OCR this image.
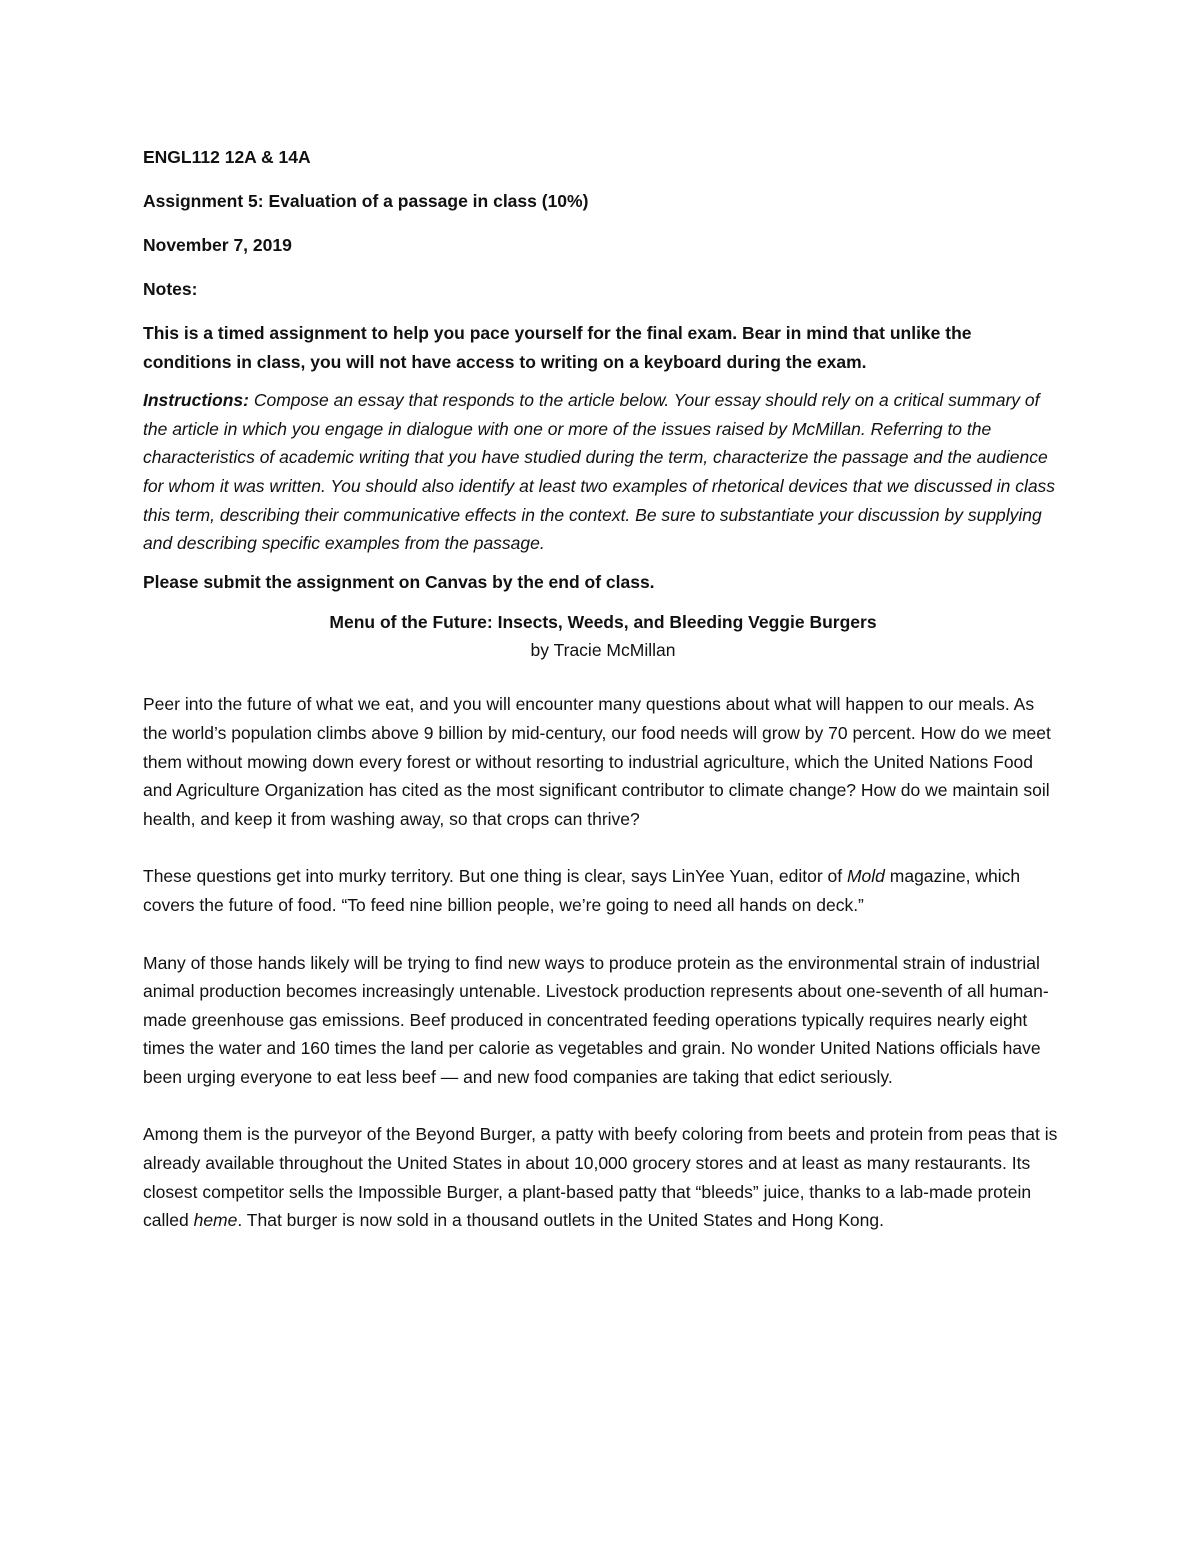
ENGL112 12A & 14A

Assignment 5: Evaluation of a passage in class (10%)

November 7, 2019

Notes:

This is a timed assignment to help you pace yourself for the final exam. Bear in mind that unlike the conditions in class, you will not have access to writing on a keyboard during the exam.

Instructions: Compose an essay that responds to the article below. Your essay should rely on a critical summary of the article in which you engage in dialogue with one or more of the issues raised by McMillan. Referring to the characteristics of academic writing that you have studied during the term, characterize the passage and the audience for whom it was written. You should also identify at least two examples of rhetorical devices that we discussed in class this term, describing their communicative effects in the context. Be sure to substantiate your discussion by supplying and describing specific examples from the passage.

Please submit the assignment on Canvas by the end of class.

Menu of the Future: Insects, Weeds, and Bleeding Veggie Burgers

by Tracie McMillan

Peer into the future of what we eat, and you will encounter many questions about what will happen to our meals. As the world’s population climbs above 9 billion by mid-century, our food needs will grow by 70 percent. How do we meet them without mowing down every forest or without resorting to industrial agriculture, which the United Nations Food and Agriculture Organization has cited as the most significant contributor to climate change? How do we maintain soil health, and keep it from washing away, so that crops can thrive?

These questions get into murky territory. But one thing is clear, says LinYee Yuan, editor of Mold magazine, which covers the future of food. “To feed nine billion people, we’re going to need all hands on deck.”

Many of those hands likely will be trying to find new ways to produce protein as the environmental strain of industrial animal production becomes increasingly untenable. Livestock production represents about one-seventh of all human-made greenhouse gas emissions. Beef produced in concentrated feeding operations typically requires nearly eight times the water and 160 times the land per calorie as vegetables and grain. No wonder United Nations officials have been urging everyone to eat less beef — and new food companies are taking that edict seriously.

Among them is the purveyor of the Beyond Burger, a patty with beefy coloring from beets and protein from peas that is already available throughout the United States in about 10,000 grocery stores and at least as many restaurants. Its closest competitor sells the Impossible Burger, a plant-based patty that “bleeds” juice, thanks to a lab-made protein called heme. That burger is now sold in a thousand outlets in the United States and Hong Kong.
